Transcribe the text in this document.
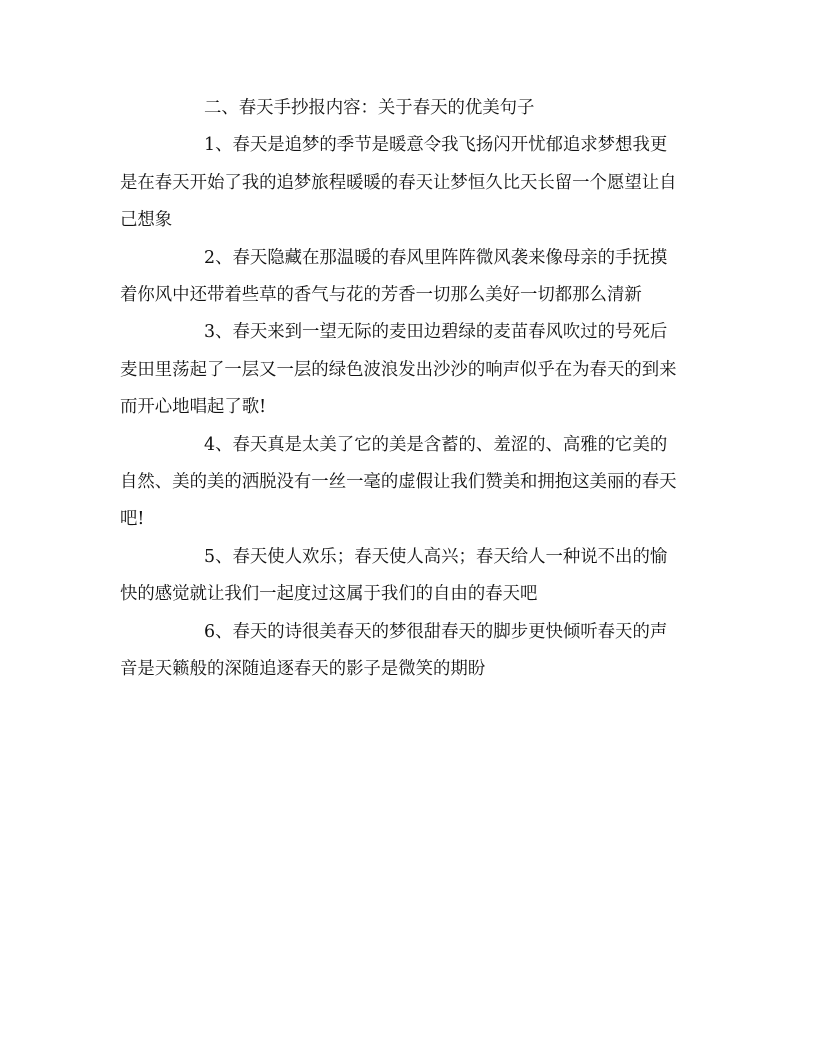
二、春天手抄报内容：关于春天的优美句子

1、春天是追梦的季节是暖意令我飞扬闪开忧郁追求梦想我更是在春天开始了我的追梦旅程暖暖的春天让梦恒久比天长留一个愿望让自己想象

2、春天隐藏在那温暖的春风里阵阵微风袭来像母亲的手抚摸着你风中还带着些草的香气与花的芳香一切那么美好一切都那么清新

3、春天来到一望无际的麦田边碧绿的麦苗春风吹过的号死后麦田里荡起了一层又一层的绿色波浪发出沙沙的响声似乎在为春天的到来而开心地唱起了歌!

4、春天真是太美了它的美是含蓄的、羞涩的、高雅的它美的自然、美的美的洒脱没有一丝一毫的虚假让我们赞美和拥抱这美丽的春天吧!

5、春天使人欢乐；春天使人高兴；春天给人一种说不出的愉快的感觉就让我们一起度过这属于我们的自由的春天吧

6、春天的诗很美春天的梦很甜春天的脚步更快倾听春天的声音是天籁般的深随追逐春天的影子是微笑的期盼
